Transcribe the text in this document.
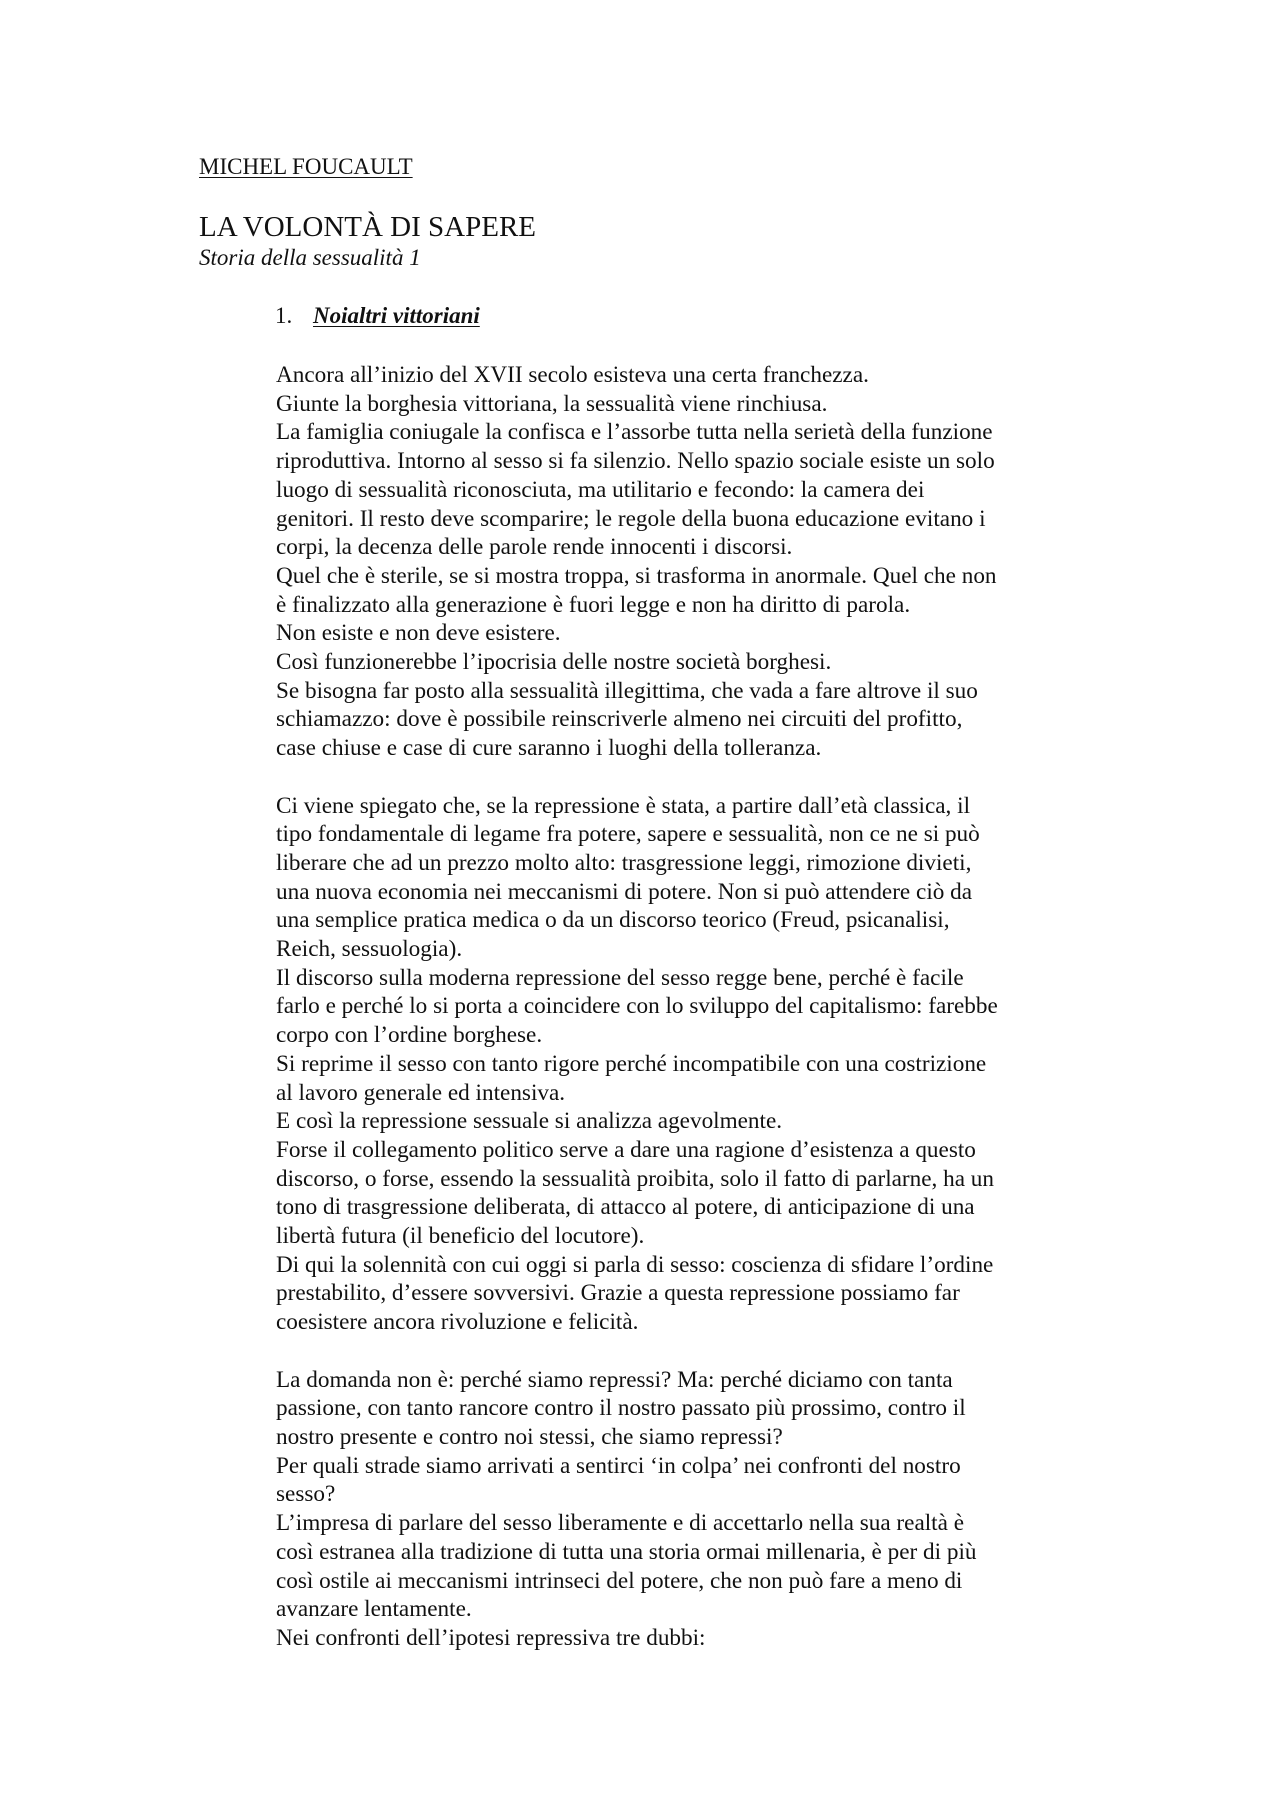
MICHEL FOUCAULT
LA VOLONTÀ DI SAPERE

Storia della sessualità 1

1. Noialtri vittoriani

Ancora all’inizio del XVII secolo esisteva una certa franchezza.
Giunte la borghesia vittoriana, la sessualità viene rinchiusa.
La famiglia coniugale la confisca e l’assorbe tutta nella serietà della funzione
riproduttiva. Intorno al sesso si fa silenzio. Nello spazio sociale esiste un solo
luogo di sessualità riconosciuta, ma utilitario e fecondo: la camera dei
genitori. Il resto deve scomparire; le regole della buona educazione evitano i
corpi, la decenza delle parole rende innocenti i discorsi.
Quel che è sterile, se si mostra troppa, si trasforma in anormale. Quel che non
è finalizzato alla generazione è fuori legge e non ha diritto di parola.
Non esiste e non deve esistere.
Così funzionerebbe l’ipocrisia delle nostre società borghesi.
Se bisogna far posto alla sessualità illegittima, che vada a fare altrove il suo
schiamazzo: dove è possibile reinscriverle almeno nei circuiti del profitto,
case chiuse e case di cure saranno i luoghi della tolleranza.

Ci viene spiegato che, se la repressione è stata, a partire dall’età classica, il
tipo fondamentale di legame fra potere, sapere e sessualità, non ce ne si può
liberare che ad un prezzo molto alto: trasgressione leggi, rimozione divieti,
una nuova economia nei meccanismi di potere. Non si può attendere ciò da
una semplice pratica medica o da un discorso teorico (Freud, psicanalisi,
Reich, sessuologia).
Il discorso sulla moderna repressione del sesso regge bene, perché è facile
farlo e perché lo si porta a coincidere con lo sviluppo del capitalismo: farebbe
corpo con l’ordine borghese.
Si reprime il sesso con tanto rigore perché incompatibile con una costrizione
al lavoro generale ed intensiva.
E così la repressione sessuale si analizza agevolmente.
Forse il collegamento politico serve a dare una ragione d’esistenza a questo
discorso, o forse, essendo la sessualità proibita, solo il fatto di parlarne, ha un
tono di trasgressione deliberata, di attacco al potere, di anticipazione di una
libertà futura (il beneficio del locutore).
Di qui la solennità con cui oggi si parla di sesso: coscienza di sfidare l’ordine
prestabilito, d’essere sovversivi. Grazie a questa repressione possiamo far
coesistere ancora rivoluzione e felicità.

La domanda non è: perché siamo repressi? Ma: perché diciamo con tanta
passione, con tanto rancore contro il nostro passato più prossimo, contro il
nostro presente e contro noi stessi, che siamo repressi?
Per quali strade siamo arrivati a sentirci ‘in colpa’ nei confronti del nostro
sesso?
L’impresa di parlare del sesso liberamente e di accettarlo nella sua realtà è
così estranea alla tradizione di tutta una storia ormai millenaria, è per di più
così ostile ai meccanismi intrinseci del potere, che non può fare a meno di
avanzare lentamente.
Nei confronti dell’ipotesi repressiva tre dubbi:
